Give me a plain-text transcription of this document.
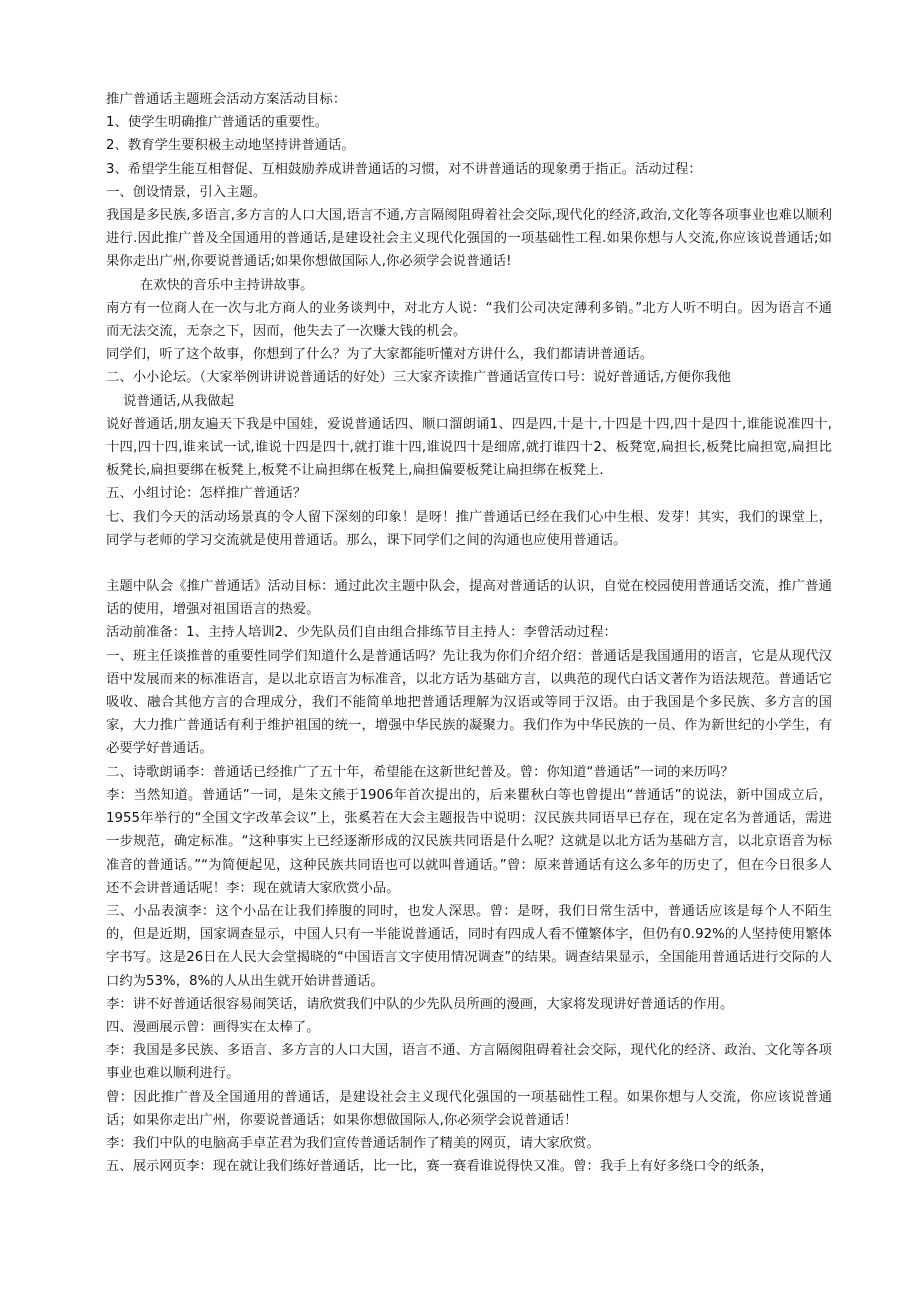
推广普通话主题班会活动方案活动目标：

1、使学生明确推广普通话的重要性。

2、教育学生要积极主动地坚持讲普通话。

3、希望学生能互相督促、互相鼓励养成讲普通话的习惯，对不讲普通话的现象勇于指正。活动过程：

一、创设情景，引入主题。

我国是多民族,多语言,多方言的人口大国,语言不通,方言隔阂阻碍着社会交际,现代化的经济,政治,文化等各项事业也难以顺利进行.因此推广普及全国通用的普通话,是建设社会主义现代化强国的一项基础性工程.如果你想与人交流,你应该说普通话;如果你走出广州,你要说普通话;如果你想做国际人,你必须学会说普通话!

在欢快的音乐中主持讲故事。

南方有一位商人在一次与北方商人的业务谈判中，对北方人说：“我们公司决定薄利多销。”北方人听不明白。因为语言不通而无法交流，无奈之下，因而，他失去了一次赚大钱的机会。

同学们，听了这个故事，你想到了什么？为了大家都能听懂对方讲什么，我们都请讲普通话。

二、小小论坛。（大家举例讲讲说普通话的好处）三大家齐读推广普通话宣传口号：说好普通话,方便你我他

说普通话,从我做起

说好普通话,朋友遍天下我是中国娃，爱说普通话四、顺口溜朗诵1、四是四,十是十,十四是十四,四十是四十,谁能说准四十,十四,四十四,谁来试一试,谁说十四是四十,就打谁十四,谁说四十是细席,就打谁四十2、板凳宽,扁担长,板凳比扁担宽,扁担比板凳长,扁担要绑在板凳上,板凳不让扁担绑在板凳上,扁担偏要板凳让扁担绑在板凳上.

五、小组讨论：怎样推广普通话？

七、我们今天的活动场景真的令人留下深刻的印象！是呀！推广普通话已经在我们心中生根、发芽！其实，我们的课堂上，同学与老师的学习交流就是使用普通话。那么，课下同学们之间的沟通也应使用普通话。

主题中队会《推广普通话》活动目标：通过此次主题中队会，提高对普通话的认识，自觉在校园使用普通话交流，推广普通话的使用，增强对祖国语言的热爱。

活动前准备：1、主持人培训2、少先队员们自由组合排练节目主持人：李曾活动过程：

一、班主任谈推普的重要性同学们知道什么是普通话吗？先让我为你们介绍介绍：普通话是我国通用的语言，它是从现代汉语中发展而来的标准语言，是以北京语言为标准音，以北方话为基础方言，以典范的现代白话文著作为语法规范。普通话它吸收、融合其他方言的合理成分，我们不能简单地把普通话理解为汉语或等同于汉语。由于我国是个多民族、多方言的国家，大力推广普通话有利于维护祖国的统一，增强中华民族的凝聚力。我们作为中华民族的一员、作为新世纪的小学生，有必要学好普通话。

二、诗歌朗诵李：普通话已经推广了五十年，希望能在这新世纪普及。曾：你知道“普通话”一词的来历吗？

李：当然知道。普通话”一词，是朱文熊于1906年首次提出的，后来瞿秋白等也曾提出“普通话”的说法，新中国成立后，1955年举行的“全国文字改革会议”上，张奚若在大会主题报告中说明：汉民族共同语早已存在，现在定名为普通话，需进一步规范，确定标准。“这种事实上已经逐渐形成的汉民族共同语是什么呢？这就是以北方话为基础方言，以北京语音为标准音的普通话。”“为简便起见，这种民族共同语也可以就叫普通话。”曾：原来普通话有这么多年的历史了，但在今日很多人还不会讲普通话呢！李：现在就请大家欣赏小品。

三、小品表演李：这个小品在让我们捧腹的同时，也发人深思。曾：是呀，我们日常生活中，普通话应该是每个人不陌生的，但是近期，国家调查显示，中国人只有一半能说普通话，同时有四成人看不懂繁体字，但仍有0.92%的人坚持使用繁体字书写。这是26日在人民大会堂揭晓的“中国语言文字使用情况调查”的结果。调查结果显示，全国能用普通话进行交际的人口约为53%，8%的人从出生就开始讲普通话。

李：讲不好普通话很容易闹笑话，请欣赏我们中队的少先队员所画的漫画，大家将发现讲好普通话的作用。

四、漫画展示曾：画得实在太棒了。

李：我国是多民族、多语言、多方言的人口大国，语言不通、方言隔阂阻碍着社会交际，现代化的经济、政治、文化等各项事业也难以顺利进行。

曾：因此推广普及全国通用的普通话，是建设社会主义现代化强国的一项基础性工程。如果你想与人交流，你应该说普通话；如果你走出广州，你要说普通话；如果你想做国际人,你必须学会说普通话！

李：我们中队的电脑高手卓芷君为我们宣传普通话制作了精美的网页，请大家欣赏。

五、展示网页李：现在就让我们练好普通话，比一比，赛一赛看谁说得快又准。曾：我手上有好多绕口令的纸条，
